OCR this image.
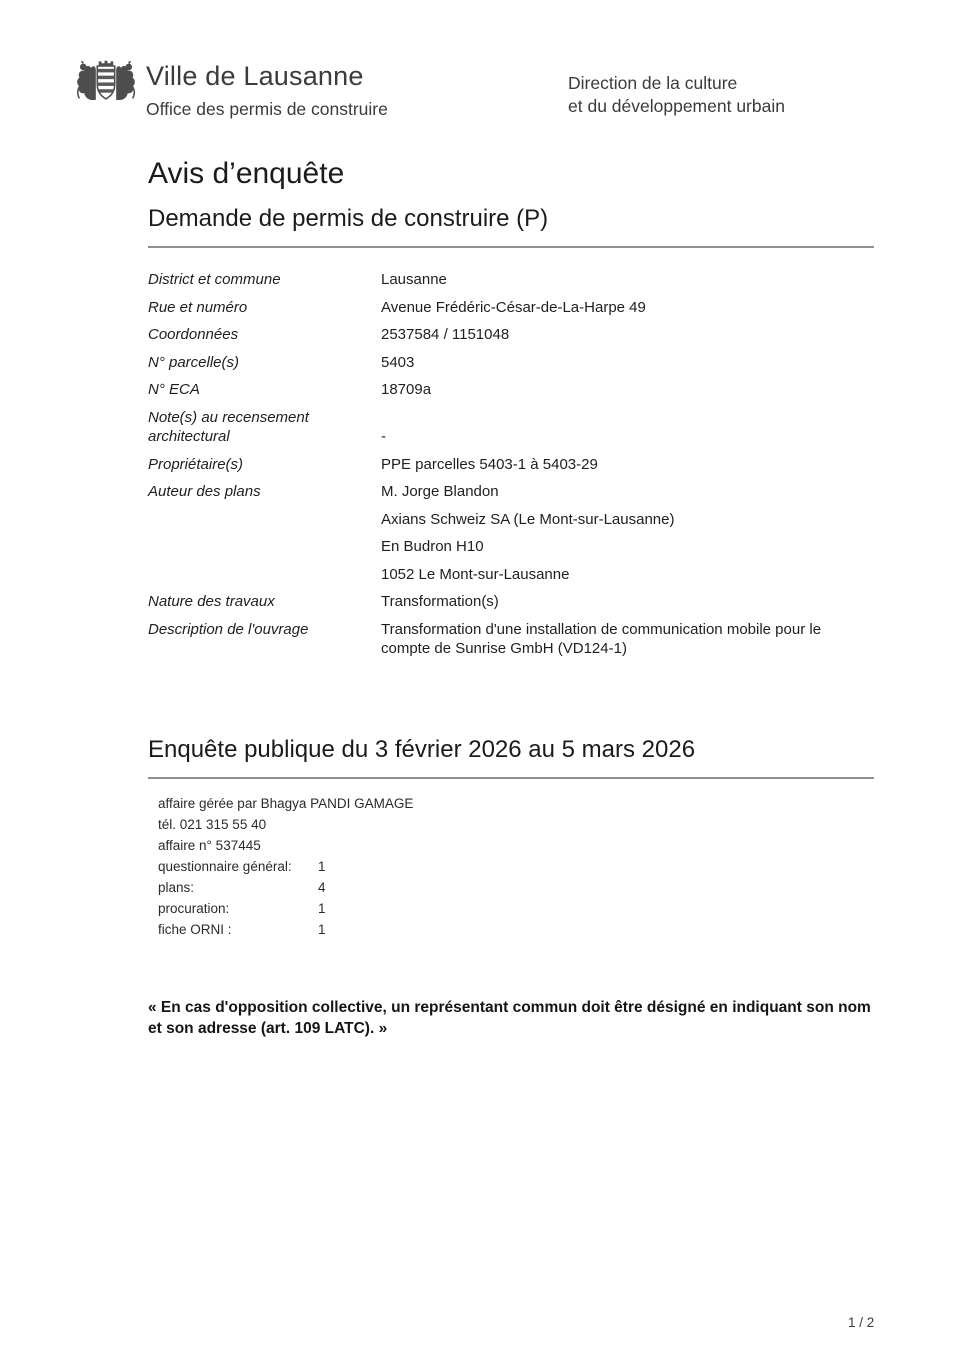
Ville de Lausanne
Office des permis de construire
Direction de la culture
et du développement urbain
Avis d’enquête
Demande de permis de construire (P)
District et commune	Lausanne
Rue et numéro	Avenue Frédéric-César-de-La-Harpe 49
Coordonnées	2537584 / 1151048
N° parcelle(s)	5403
N° ECA	18709a
Note(s) au recensement architectural	-
Propriétaire(s)	PPE parcelles 5403-1 à 5403-29
Auteur des plans	M. Jorge Blandon
Axians Schweiz SA (Le Mont-sur-Lausanne)
En Budron H10
1052 Le Mont-sur-Lausanne
Nature des travaux	Transformation(s)
Description de l'ouvrage	Transformation d'une installation de communication mobile pour le compte de Sunrise GmbH (VD124-1)
Enquête publique du 3 février 2026 au 5 mars 2026
affaire gérée par Bhagya PANDI GAMAGE
tél. 021 315 55 40
affaire n° 537445
questionnaire général:	1
plans:	4
procuration:	1
fiche ORNI :	1
« En cas d'opposition collective, un représentant commun doit être désigné en indiquant son nom et son adresse (art. 109 LATC). »
1 / 2
